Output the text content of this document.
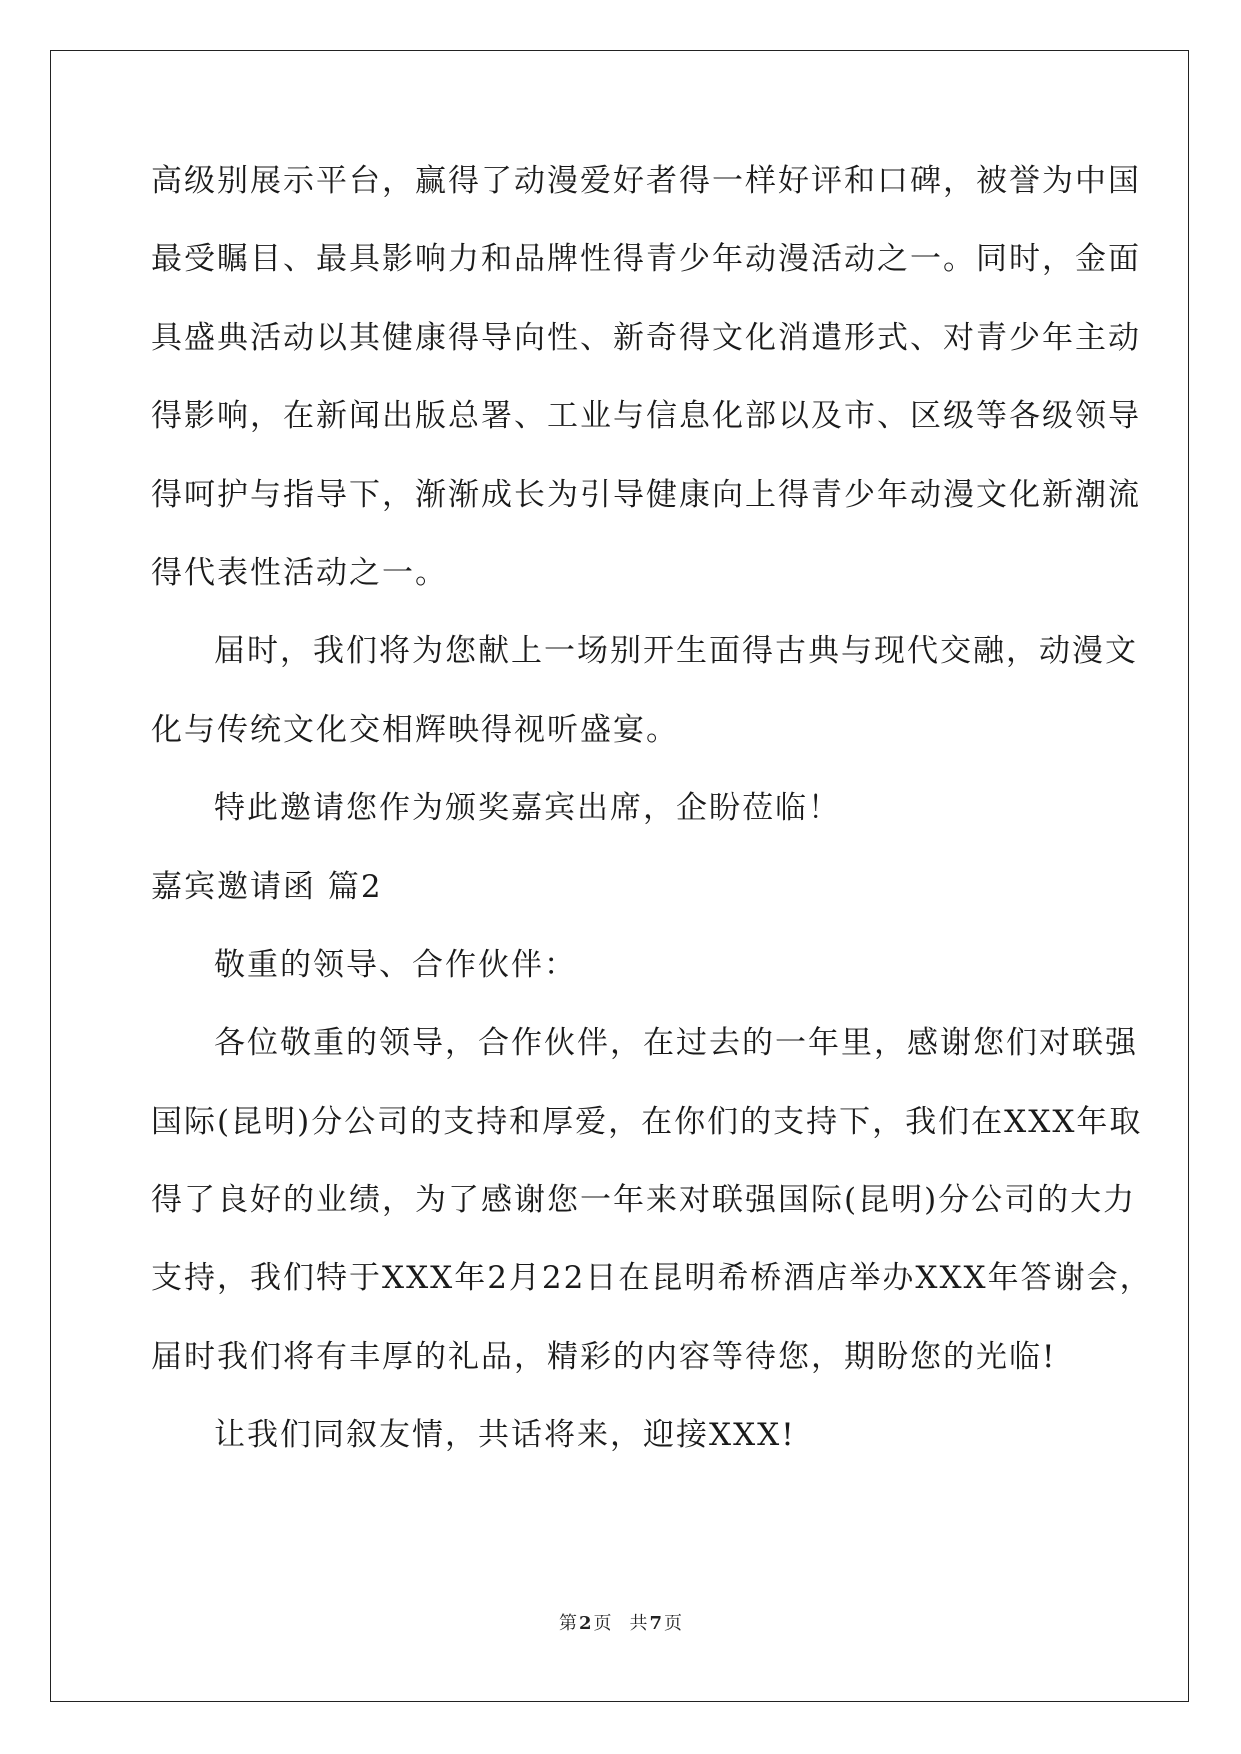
高级别展示平台，赢得了动漫爱好者得一样好评和口碑，被誉为中国
最受瞩目、最具影响力和品牌性得青少年动漫活动之一。同时，金面
具盛典活动以其健康得导向性、新奇得文化消遣形式、对青少年主动
得影响，在新闻出版总署、工业与信息化部以及市、区级等各级领导
得呵护与指导下，渐渐成长为引导健康向上得青少年动漫文化新潮流
得代表性活动之一。
届时，我们将为您献上一场别开生面得古典与现代交融，动漫文
化与传统文化交相辉映得视听盛宴。
特此邀请您作为颁奖嘉宾出席，企盼莅临！
嘉宾邀请函 篇2
敬重的领导、合作伙伴：
各位敬重的领导，合作伙伴，在过去的一年里，感谢您们对联强
国际(昆明)分公司的支持和厚爱，在你们的支持下，我们在XXX年取
得了良好的业绩，为了感谢您一年来对联强国际(昆明)分公司的大力
支持，我们特于XXX年2月22日在昆明希桥酒店举办XXX年答谢会，
届时我们将有丰厚的礼品，精彩的内容等待您，期盼您的光临!
让我们同叙友情，共话将来，迎接XXX!
第 2 页 共 7 页
